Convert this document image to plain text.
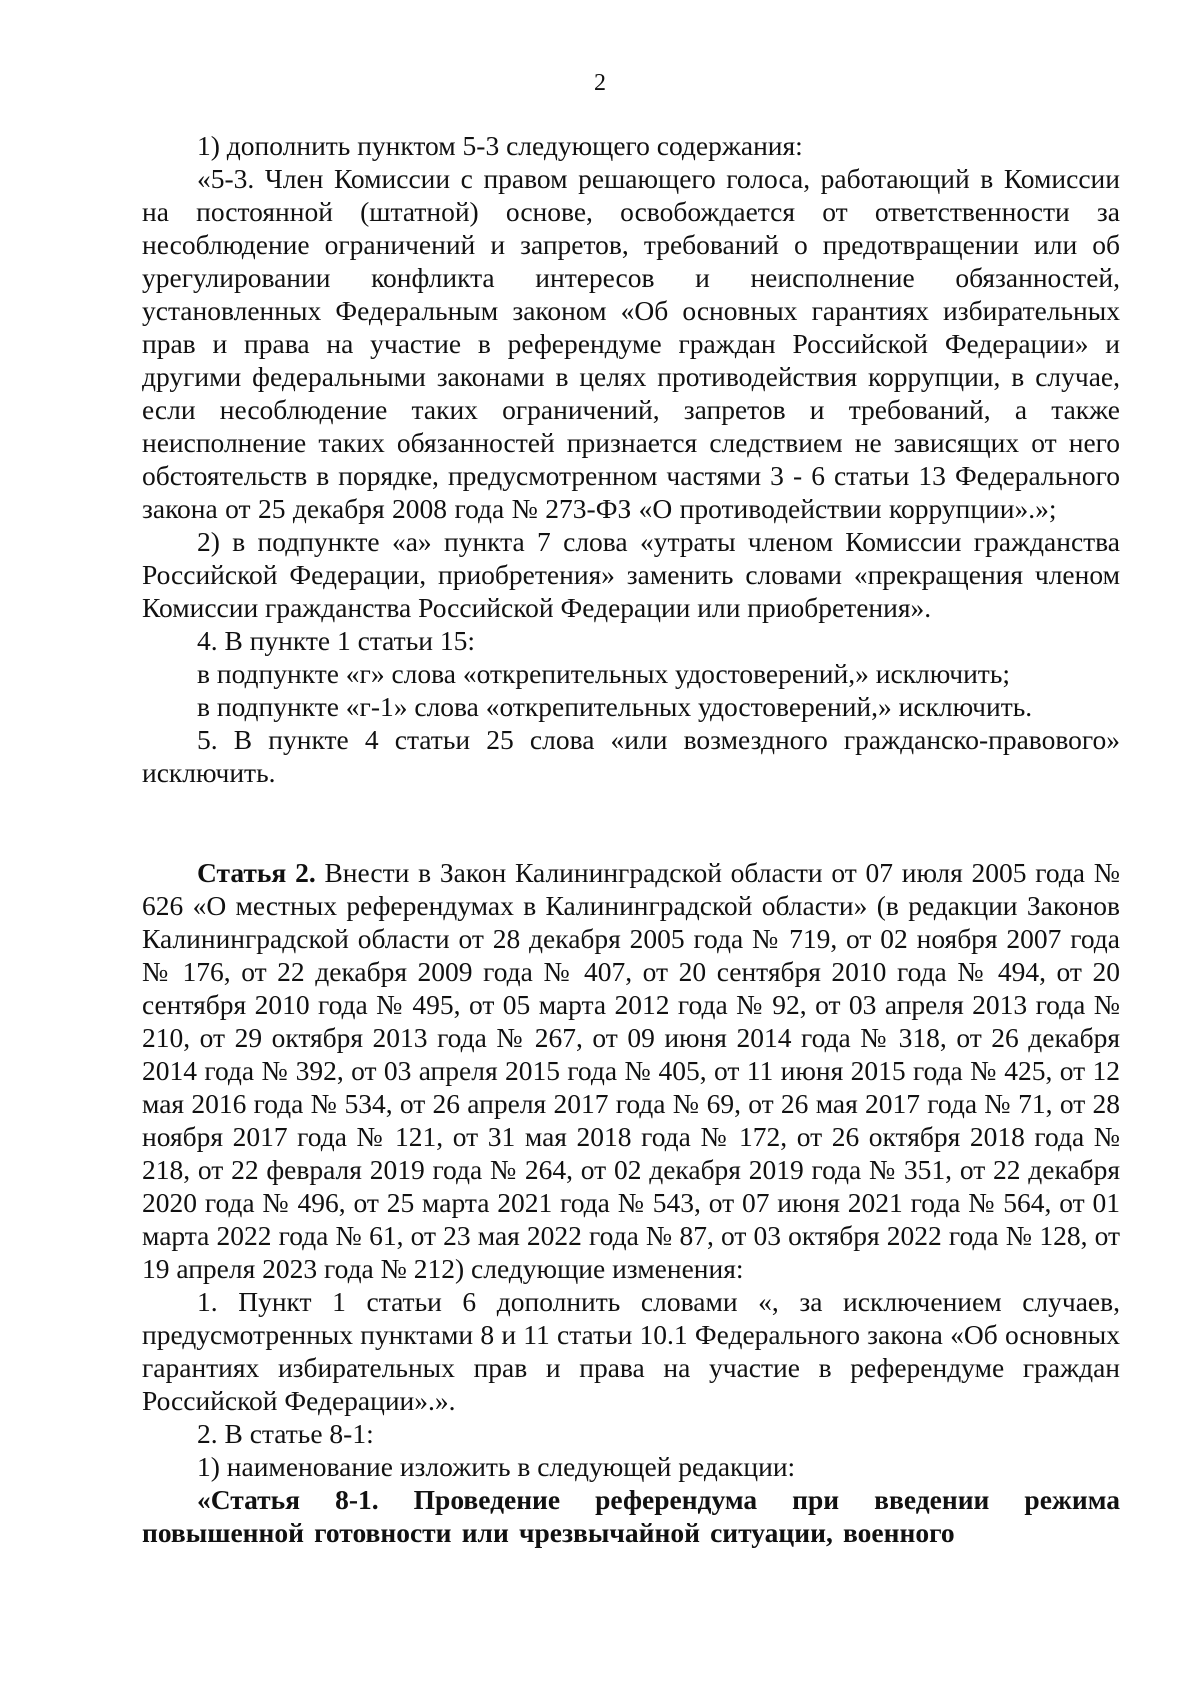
2

1) дополнить пунктом 5-3 следующего содержания:

«5-3. Член Комиссии с правом решающего голоса, работающий в Комиссии на постоянной (штатной) основе, освобождается от ответственности за несоблюдение ограничений и запретов, требований о предотвращении или об урегулировании конфликта интересов и неисполнение обязанностей, установленных Федеральным законом «Об основных гарантиях избирательных прав и права на участие в референдуме граждан Российской Федерации» и другими федеральными законами в целях противодействия коррупции, в случае, если несоблюдение таких ограничений, запретов и требований, а также неисполнение таких обязанностей признается следствием не зависящих от него обстоятельств в порядке, предусмотренном частями 3 - 6 статьи 13 Федерального закона от 25 декабря 2008 года № 273-ФЗ «О противодействии коррупции».»;

2) в подпункте «а» пункта 7 слова «утраты членом Комиссии гражданства Российской Федерации, приобретения» заменить словами «прекращения членом Комиссии гражданства Российской Федерации или приобретения».

4. В пункте 1 статьи 15:

в подпункте «г» слова «открепительных удостоверений,» исключить;

в подпункте «г-1» слова «открепительных удостоверений,» исключить.

5. В пункте 4 статьи 25 слова «или возмездного гражданско-правового» исключить.

Статья 2. Внести в Закон Калининградской области от 07 июля 2005 года № 626 «О местных референдумах в Калининградской области» (в редакции Законов Калининградской области от 28 декабря 2005 года № 719, от 02 ноября 2007 года № 176, от 22 декабря 2009 года № 407, от 20 сентября 2010 года № 494, от 20 сентября 2010 года № 495, от 05 марта 2012 года № 92, от 03 апреля 2013 года № 210, от 29 октября 2013 года № 267, от 09 июня 2014 года № 318, от 26 декабря 2014 года № 392, от 03 апреля 2015 года № 405, от 11 июня 2015 года № 425, от 12 мая 2016 года № 534, от 26 апреля 2017 года № 69, от 26 мая 2017 года № 71, от 28 ноября 2017 года № 121, от 31 мая 2018 года № 172, от 26 октября 2018 года № 218, от 22 февраля 2019 года № 264, от 02 декабря 2019 года № 351, от 22 декабря 2020 года № 496, от 25 марта 2021 года № 543, от 07 июня 2021 года № 564, от 01 марта 2022 года № 61, от 23 мая 2022 года № 87, от 03 октября 2022 года № 128, от 19 апреля 2023 года № 212) следующие изменения:

1. Пункт 1 статьи 6 дополнить словами «, за исключением случаев, предусмотренных пунктами 8 и 11 статьи 10.1 Федерального закона «Об основных гарантиях избирательных прав и права на участие в референдуме граждан Российской Федерации».».

2. В статье 8-1:

1) наименование изложить в следующей редакции:

«Статья 8-1. Проведение референдума при введении режима повышенной готовности или чрезвычайной ситуации, военного
